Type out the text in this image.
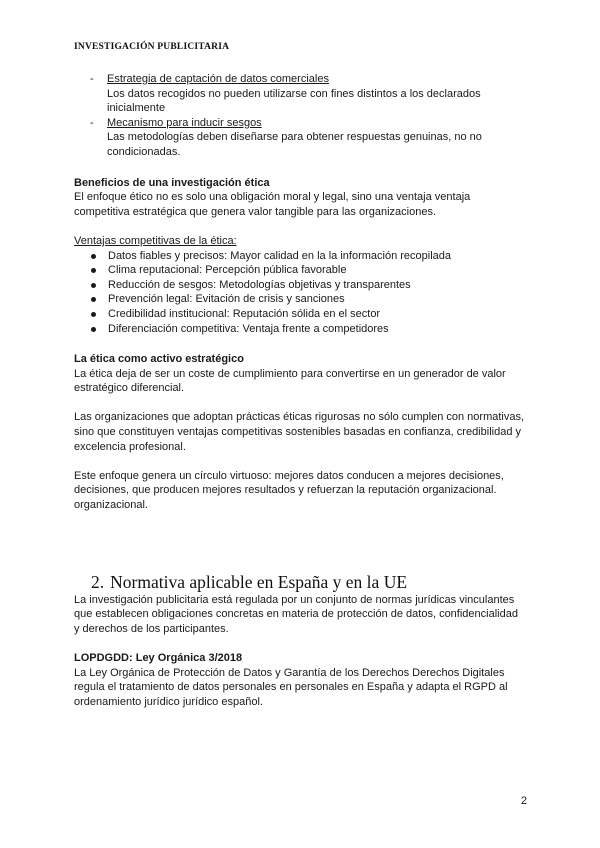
INVESTIGACIÓN PUBLICITARIA
- Estrategia de captación de datos comerciales
Los datos recogidos no pueden utilizarse con fines distintos a los declarados
inicialmente
- Mecanismo para inducir sesgos
Las metodologías deben diseñarse para obtener respuestas genuinas, no no
condicionadas.
Beneficios de una investigación ética
El enfoque ético no es solo una obligación moral y legal, sino una ventaja ventaja
competitiva estratégica que genera valor tangible para las organizaciones.
Ventajas competitivas de la ética:
Datos fiables y precisos: Mayor calidad en la la información recopilada
Clima reputacional: Percepción pública favorable
Reducción de sesgos: Metodologías objetivas y transparentes
Prevención legal: Evitación de crisis y sanciones
Credibilidad institucional: Reputación sólida en el sector
Diferenciación competitiva: Ventaja frente a competidores
La ética como activo estratégico
La ética deja de ser un coste de cumplimiento para convertirse en un generador de valor
estratégico diferencial.
Las organizaciones que adoptan prácticas éticas rigurosas no sólo cumplen con normativas,
sino que constituyen ventajas competitivas sostenibles basadas en confianza, credibilidad y
excelencia profesional.
Este enfoque genera un círculo virtuoso: mejores datos conducen a mejores decisiones,
decisiones, que producen mejores resultados y refuerzan la reputación organizacional.
organizacional.
2. Normativa aplicable en España y en la UE
La investigación publicitaria está regulada por un conjunto de normas jurídicas vinculantes
que establecen obligaciones concretas en materia de protección de datos, confidencialidad
y derechos de los participantes.
LOPDGDD: Ley Orgánica 3/2018
La Ley Orgánica de Protección de Datos y Garantía de los Derechos Derechos Digitales
regula el tratamiento de datos personales en personales en España y adapta el RGPD al
ordenamiento jurídico jurídico español.
2
